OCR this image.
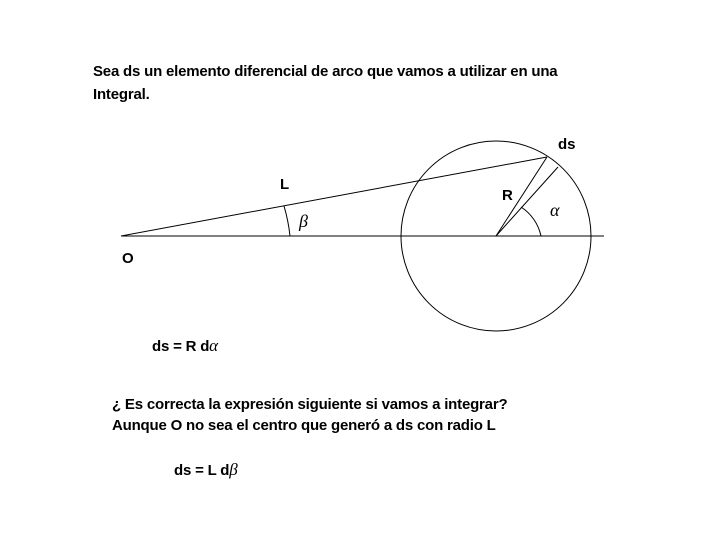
Sea ds un elemento diferencial de arco que vamos a utilizar en una
Integral.
ds
L
R
O
α
β
ds = R dα
¿ Es correcta la expresión siguiente si vamos a integrar?
Aunque O no sea el centro que generó a ds con radio L
ds = L dβ
